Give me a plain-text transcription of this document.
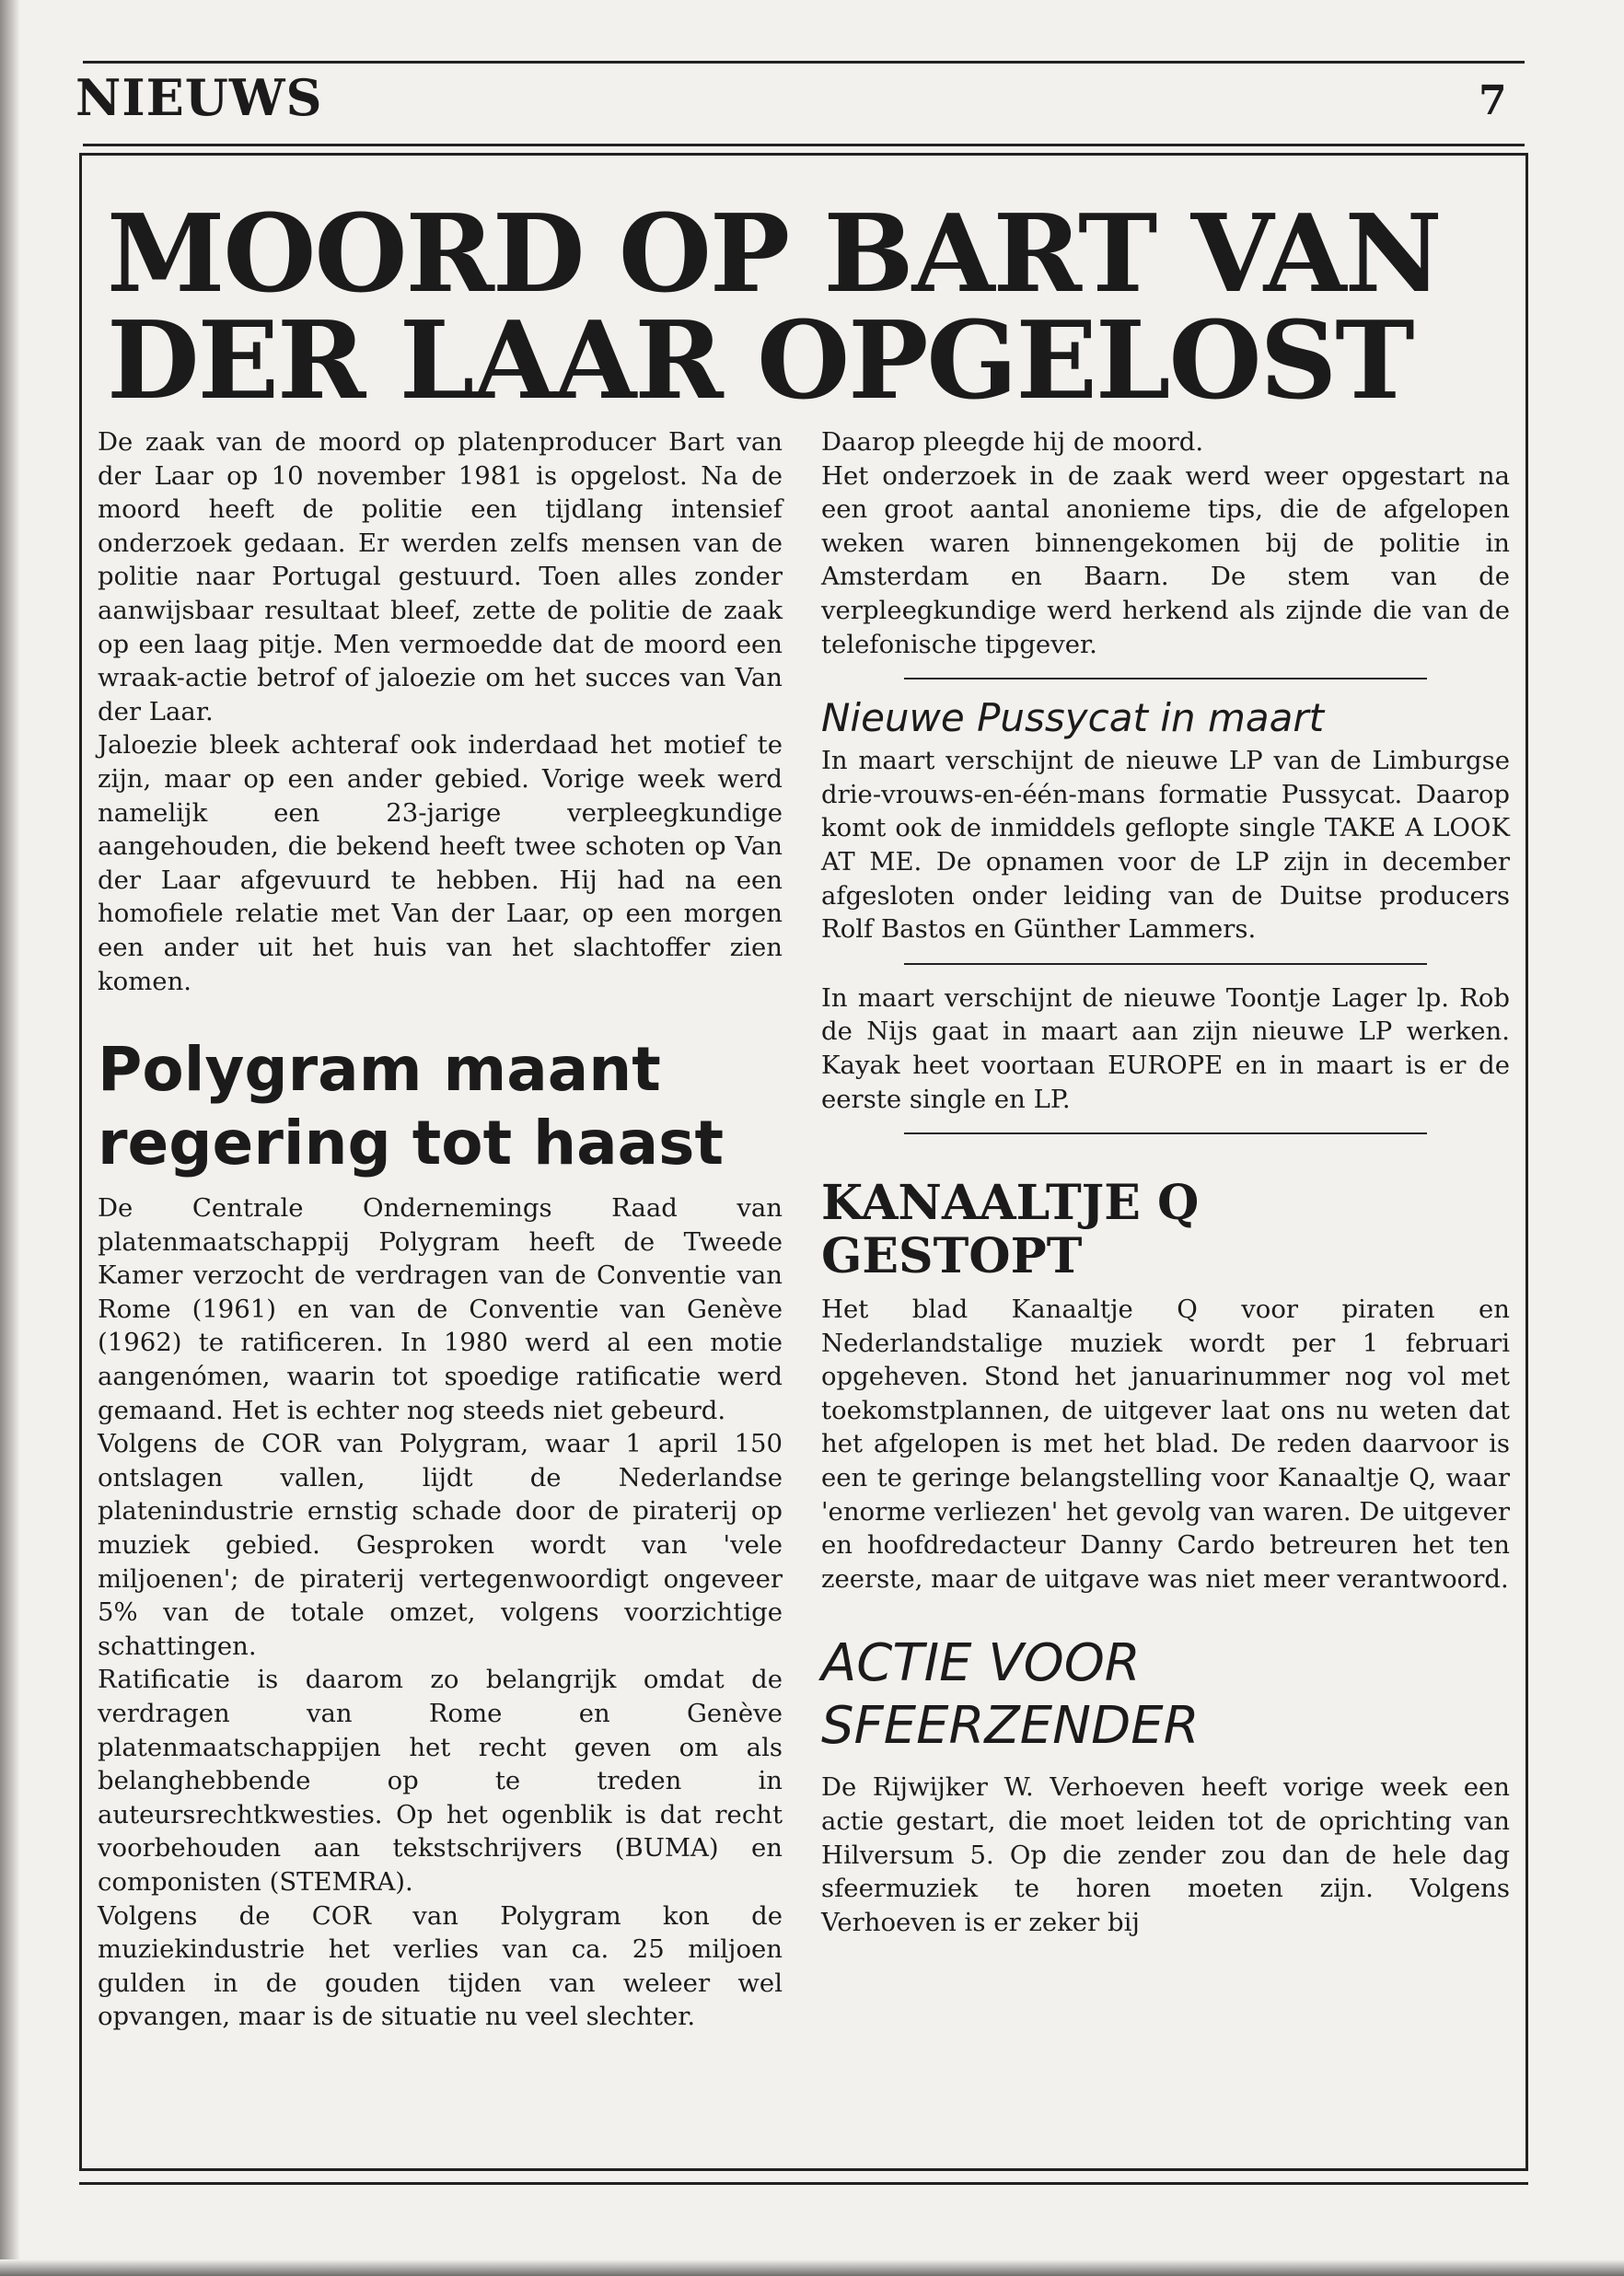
NIEUWS	7
MOORD OP BART VAN
DER LAAR OPGELOST

De zaak van de moord op platenproducer Bart van der Laar op 10 november 1981 is opgelost. Na de moord heeft de politie een tijdlang intensief onderzoek gedaan. Er werden zelfs mensen van de politie naar Portugal gestuurd. Toen alles zonder aanwijsbaar resultaat bleef, zette de politie de zaak op een laag pitje. Men vermoedde dat de moord een wraak-actie betrof of jaloezie om het succes van Van der Laar.

Jaloezie bleek achteraf ook inderdaad het motief te zijn, maar op een ander gebied. Vorige week werd namelijk een 23-jarige verpleegkundige aangehouden, die bekend heeft twee schoten op Van der Laar afgevuurd te hebben. Hij had na een homofiele relatie met Van der Laar, op een morgen een ander uit het huis van het slachtoffer zien komen.

Polygram maant
regering tot haast

De Centrale Ondernemings Raad van platenmaatschappij Polygram heeft de Tweede Kamer verzocht de verdragen van de Conventie van Rome (1961) en van de Conventie van Genève (1962) te ratificeren. In 1980 werd al een motie aangenómen, waarin tot spoedige ratificatie werd gemaand. Het is echter nog steeds niet gebeurd.

Volgens de COR van Polygram, waar 1 april 150 ontslagen vallen, lijdt de Nederlandse platenindustrie ernstig schade door de piraterij op muziek gebied. Gesproken wordt van 'vele miljoenen'; de piraterij vertegenwoordigt ongeveer 5% van de totale omzet, volgens voorzichtige schattingen.

Ratificatie is daarom zo belangrijk omdat de verdragen van Rome en Genève platenmaatschappijen het recht geven om als belanghebbende op te treden in auteursrechtkwesties. Op het ogenblik is dat recht voorbehouden aan tekstschrijvers (BUMA) en componisten (STEMRA).

Volgens de COR van Polygram kon de muziekindustrie het verlies van ca. 25 miljoen gulden in de gouden tijden van weleer wel opvangen, maar is de situatie nu veel slechter.

Daarop pleegde hij de moord.

Het onderzoek in de zaak werd weer opgestart na een groot aantal anonieme tips, die de afgelopen weken waren binnengekomen bij de politie in Amsterdam en Baarn. De stem van de verpleegkundige werd herkend als zijnde die van de telefonische tipgever.

Nieuwe Pussycat in maart

In maart verschijnt de nieuwe LP van de Limburgse drie-vrouws-en-één-mans formatie Pussycat. Daarop komt ook de inmiddels geflopte single TAKE A LOOK AT ME. De opnamen voor de LP zijn in december afgesloten onder leiding van de Duitse producers Rolf Bastos en Günther Lammers.

In maart verschijnt de nieuwe Toontje Lager lp. Rob de Nijs gaat in maart aan zijn nieuwe LP werken. Kayak heet voortaan EUROPE en in maart is er de eerste single en LP.

KANAALTJE Q
GESTOPT

Het blad Kanaaltje Q voor piraten en Nederlandstalige muziek wordt per 1 februari opgeheven. Stond het januarinummer nog vol met toekomstplannen, de uitgever laat ons nu weten dat het afgelopen is met het blad. De reden daarvoor is een te geringe belangstelling voor Kanaaltje Q, waar 'enorme verliezen' het gevolg van waren. De uitgever en hoofdredacteur Danny Cardo betreuren het ten zeerste, maar de uitgave was niet meer verantwoord.

ACTIE VOOR
SFEERZENDER

De Rijwijker W. Verhoeven heeft vorige week een actie gestart, die moet leiden tot de oprichting van Hilversum 5. Op die zender zou dan de hele dag sfeermuziek te horen moeten zijn. Volgens Verhoeven is er zeker bij
